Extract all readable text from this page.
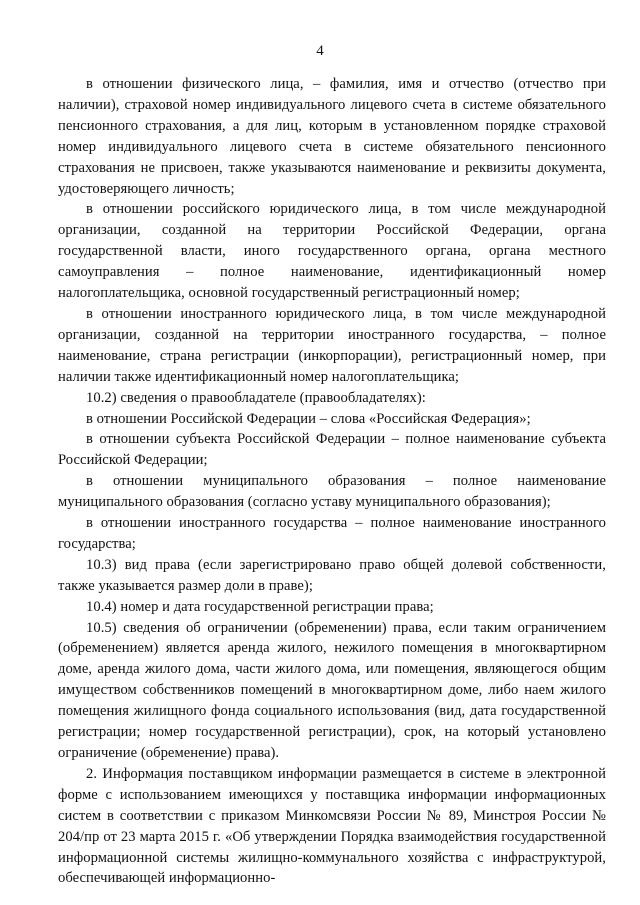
4

в отношении физического лица, – фамилия, имя и отчество (отчество при наличии), страховой номер индивидуального лицевого счета в системе обязательного пенсионного страхования, а для лиц, которым в установленном порядке страховой номер индивидуального лицевого счета в системе обязательного пенсионного страхования не присвоен, также указываются наименование и реквизиты документа, удостоверяющего личность;

в отношении российского юридического лица, в том числе международной организации, созданной на территории Российской Федерации, органа государственной власти, иного государственного органа, органа местного самоуправления – полное наименование, идентификационный номер налогоплательщика, основной государственный регистрационный номер;

в отношении иностранного юридического лица, в том числе международной организации, созданной на территории иностранного государства, – полное наименование, страна регистрации (инкорпорации), регистрационный номер, при наличии также идентификационный номер налогоплательщика;

10.2) сведения о правообладателе (правообладателях):

в отношении Российской Федерации – слова «Российская Федерация»;

в отношении субъекта Российской Федерации – полное наименование субъекта Российской Федерации;

в отношении муниципального образования – полное наименование муниципального образования (согласно уставу муниципального образования);

в отношении иностранного государства – полное наименование иностранного государства;

10.3) вид права (если зарегистрировано право общей долевой собственности, также указывается размер доли в праве);

10.4) номер и дата государственной регистрации права;

10.5) сведения об ограничении (обременении) права, если таким ограничением (обременением) является аренда жилого, нежилого помещения в многоквартирном доме, аренда жилого дома, части жилого дома, или помещения, являющегося общим имуществом собственников помещений в многоквартирном доме, либо наем жилого помещения жилищного фонда социального использования (вид, дата государственной регистрации; номер государственной регистрации), срок, на который установлено ограничение (обременение) права).

2. Информация поставщиком информации размещается в системе в электронной форме с использованием имеющихся у поставщика информации информационных систем в соответствии с приказом Минкомсвязи России № 89, Минстроя России № 204/пр от 23 марта 2015 г. «Об утверждении Порядка взаимодействия государственной информационной системы жилищно-коммунального хозяйства с инфраструктурой, обеспечивающей информационно-
